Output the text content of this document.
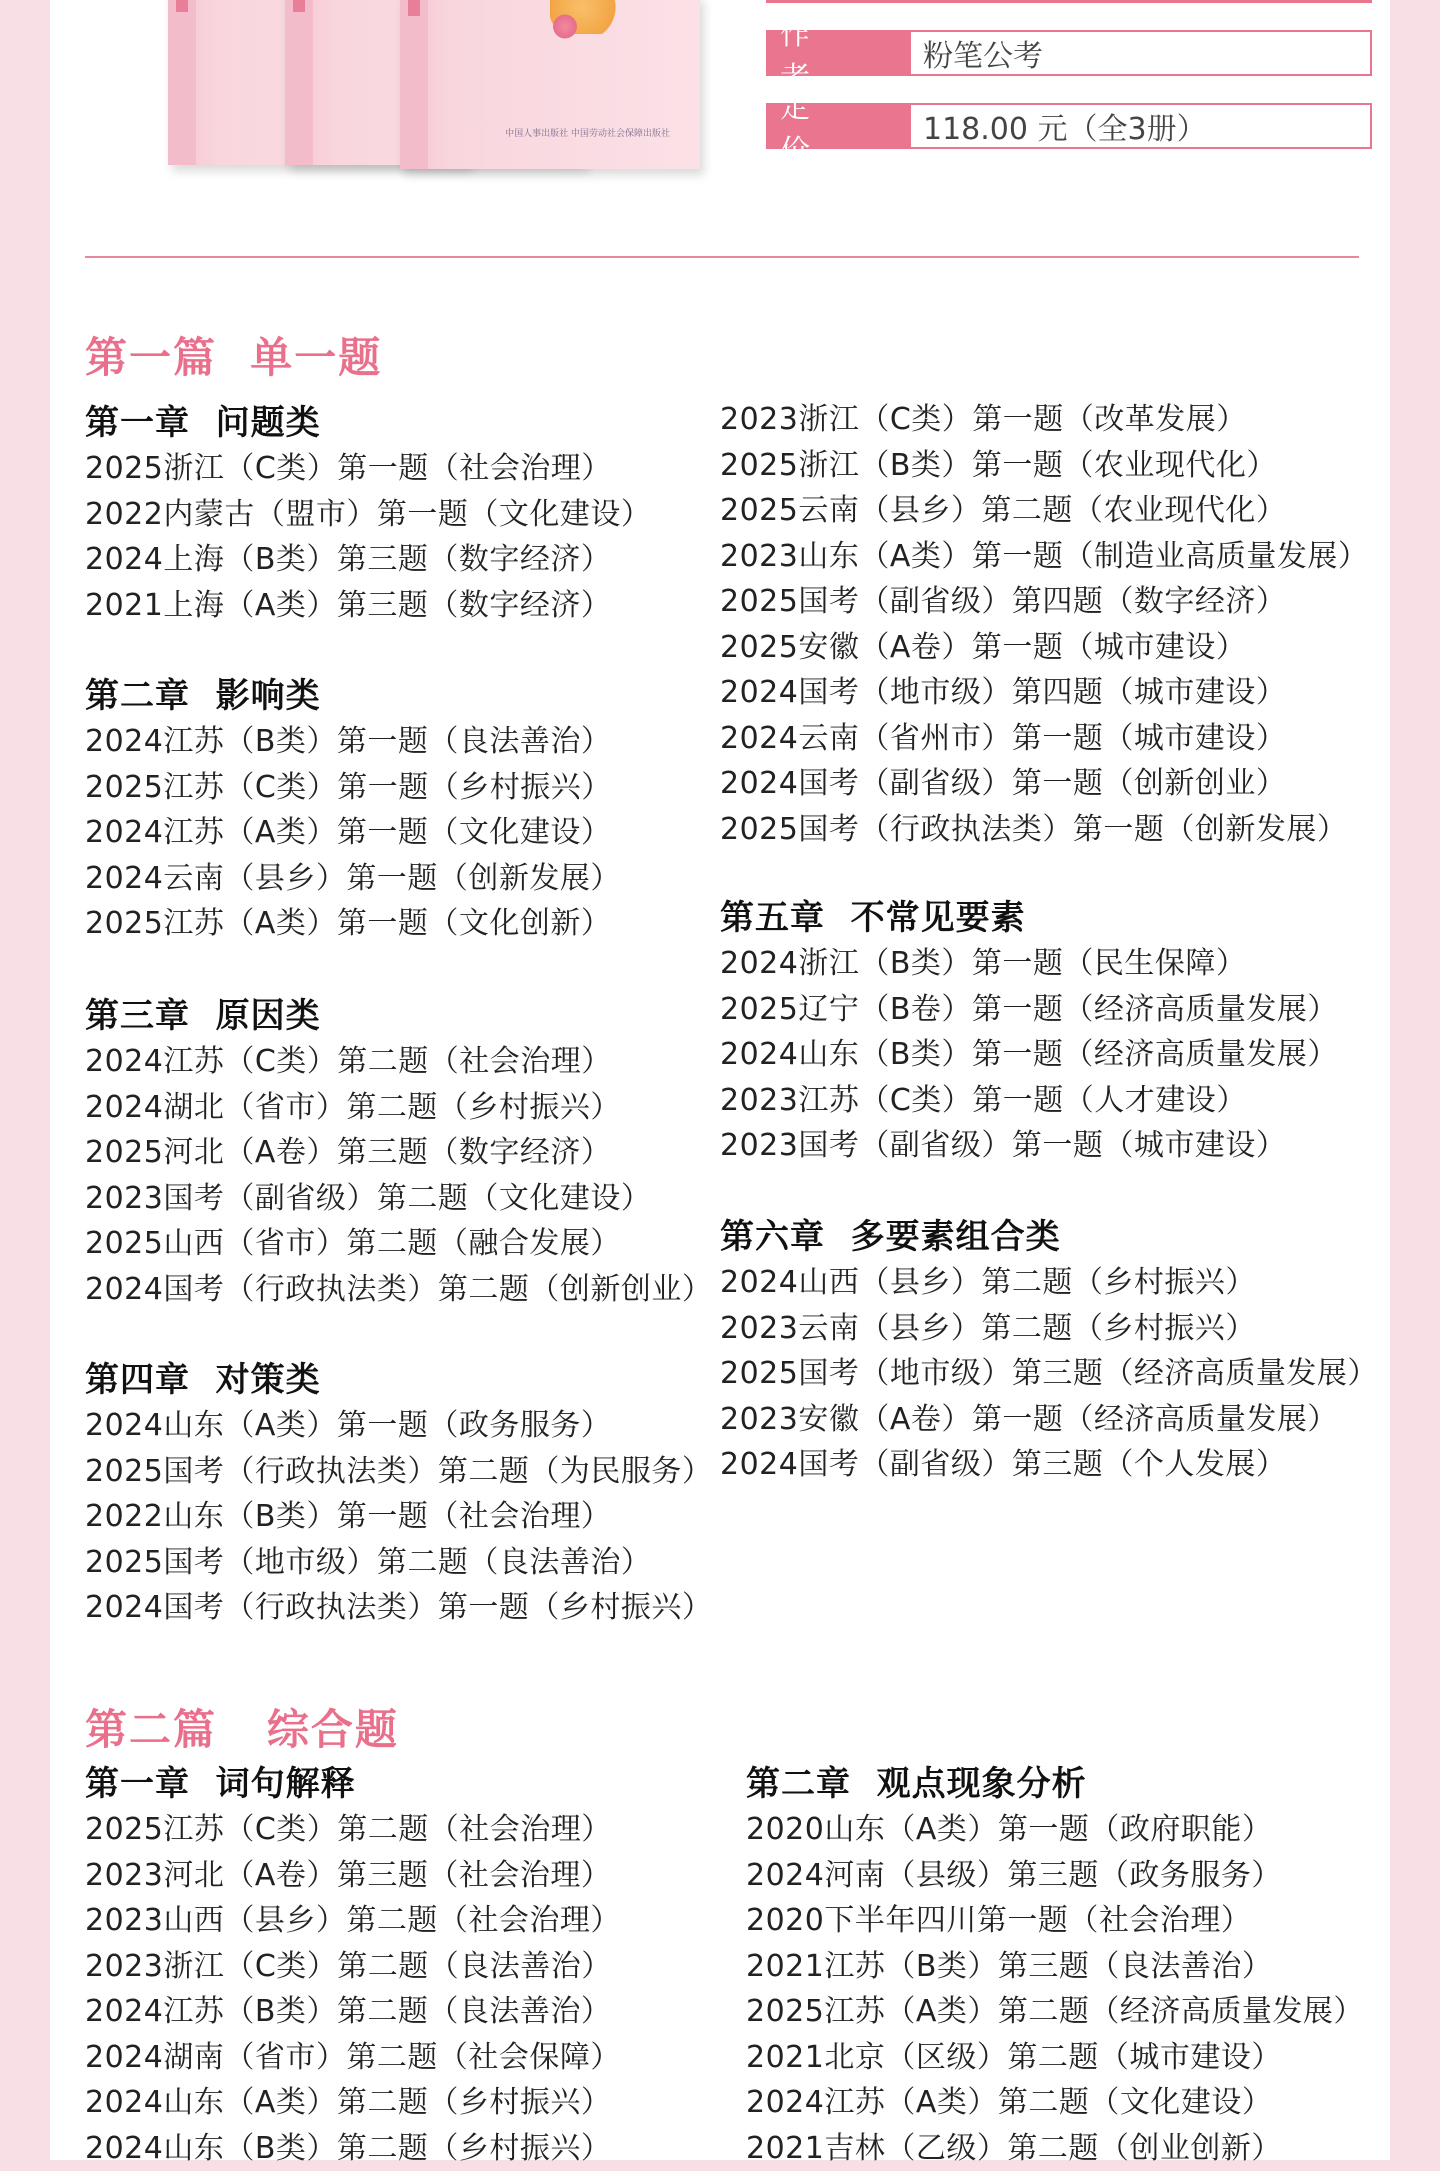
中国人事出版社 中国劳动社会保障出版社
作者
粉笔公考
定价
118.00 元（全3册）
第一篇  单一题
第一章  问题类
2025浙江（C类）第一题（社会治理）
2022内蒙古（盟市）第一题（文化建设）
2024上海（B类）第三题（数字经济）
2021上海（A类）第三题（数字经济）
第二章  影响类
2024江苏（B类）第一题（良法善治）
2025江苏（C类）第一题（乡村振兴）
2024江苏（A类）第一题（文化建设）
2024云南（县乡）第一题（创新发展）
2025江苏（A类）第一题（文化创新）
第三章  原因类
2024江苏（C类）第二题（社会治理）
2024湖北（省市）第二题（乡村振兴）
2025河北（A卷）第三题（数字经济）
2023国考（副省级）第二题（文化建设）
2025山西（省市）第二题（融合发展）
2024国考（行政执法类）第二题（创新创业）
第四章  对策类
2024山东（A类）第一题（政务服务）
2025国考（行政执法类）第二题（为民服务）
2022山东（B类）第一题（社会治理）
2025国考（地市级）第二题（良法善治）
2024国考（行政执法类）第一题（乡村振兴）
2023浙江（C类）第一题（改革发展）
2025浙江（B类）第一题（农业现代化）
2025云南（县乡）第二题（农业现代化）
2023山东（A类）第一题（制造业高质量发展）
2025国考（副省级）第四题（数字经济）
2025安徽（A卷）第一题（城市建设）
2024国考（地市级）第四题（城市建设）
2024云南（省州市）第一题（城市建设）
2024国考（副省级）第一题（创新创业）
2025国考（行政执法类）第一题（创新发展）
第五章  不常见要素
2024浙江（B类）第一题（民生保障）
2025辽宁（B卷）第一题（经济高质量发展）
2024山东（B类）第一题（经济高质量发展）
2023江苏（C类）第一题（人才建设）
2023国考（副省级）第一题（城市建设）
第六章  多要素组合类
2024山西（县乡）第二题（乡村振兴）
2023云南（县乡）第二题（乡村振兴）
2025国考（地市级）第三题（经济高质量发展）
2023安徽（A卷）第一题（经济高质量发展）
2024国考（副省级）第三题（个人发展）
第二篇   综合题
第一章  词句解释
2025江苏（C类）第二题（社会治理）
2023河北（A卷）第三题（社会治理）
2023山西（县乡）第二题（社会治理）
2023浙江（C类）第二题（良法善治）
2024江苏（B类）第二题（良法善治）
2024湖南（省市）第二题（社会保障）
2024山东（A类）第二题（乡村振兴）
2024山东（B类）第二题（乡村振兴）
第二章  观点现象分析
2020山东（A类）第一题（政府职能）
2024河南（县级）第三题（政务服务）
2020下半年四川第一题（社会治理）
2021江苏（B类）第三题（良法善治）
2025江苏（A类）第二题（经济高质量发展）
2021北京（区级）第二题（城市建设）
2024江苏（A类）第二题（文化建设）
2021吉林（乙级）第二题（创业创新）
